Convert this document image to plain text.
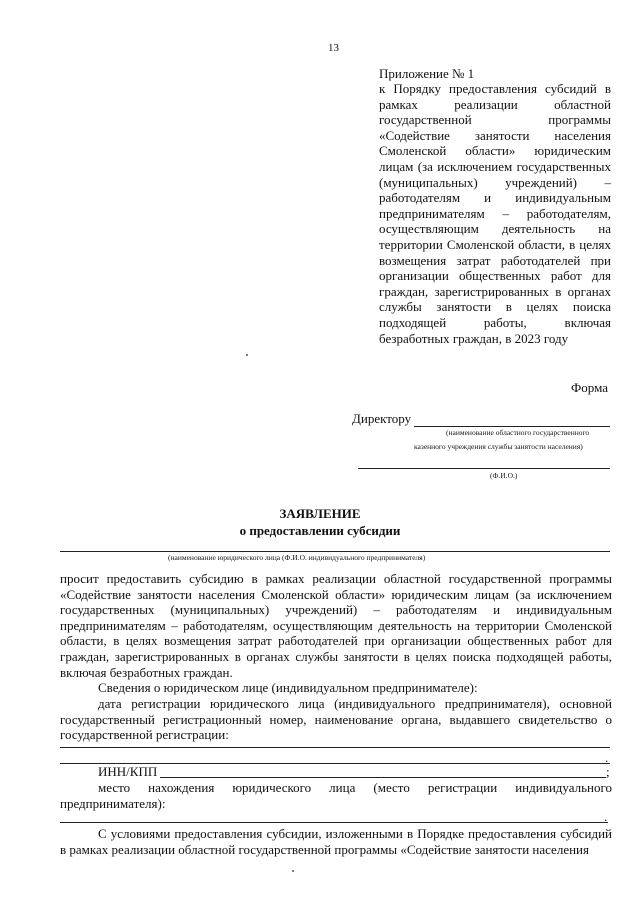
13
Приложение № 1
к Порядку предоставления субсидий в рамках реализации областной государственной программы «Содействие занятости населения Смоленской области» юридическим лицам (за исключением государственных (муниципальных) учреждений) – работодателям и индивидуальным предпринимателям – работодателям, осуществляющим деятельность на территории Смоленской области, в целях возмещения затрат работодателей при организации общественных работ для граждан, зарегистрированных в органах службы занятости в целях поиска подходящей работы, включая безработных граждан, в 2023 году
Форма
Директору
(наименование областного государственного
казенного учреждения службы занятости населения)
(Ф.И.О.)
ЗАЯВЛЕНИЕ
о предоставлении субсидии
(наименование юридического лица (Ф.И.О. индивидуального предпринимателя)
просит предоставить субсидию в рамках реализации областной государственной программы «Содействие занятости населения Смоленской области» юридическим лицам (за исключением государственных (муниципальных) учреждений) – работодателям и индивидуальным предпринимателям – работодателям, осуществляющим деятельность на территории Смоленской области, в целях возмещения затрат работодателей при организации общественных работ для граждан, зарегистрированных в органах службы занятости в целях поиска подходящей работы, включая безработных граждан.
Сведения о юридическом лице (индивидуальном предпринимателе):
дата регистрации юридического лица (индивидуального предпринимателя), основной государственный регистрационный номер, наименование органа, выдавшего свидетельство о государственной регистрации:
.
ИНН/КПП	;
место нахождения юридического лица (место регистрации индивидуального предпринимателя):
.
С условиями предоставления субсидии, изложенными в Порядке предоставления субсидий в рамках реализации областной государственной программы «Содействие занятости населения
